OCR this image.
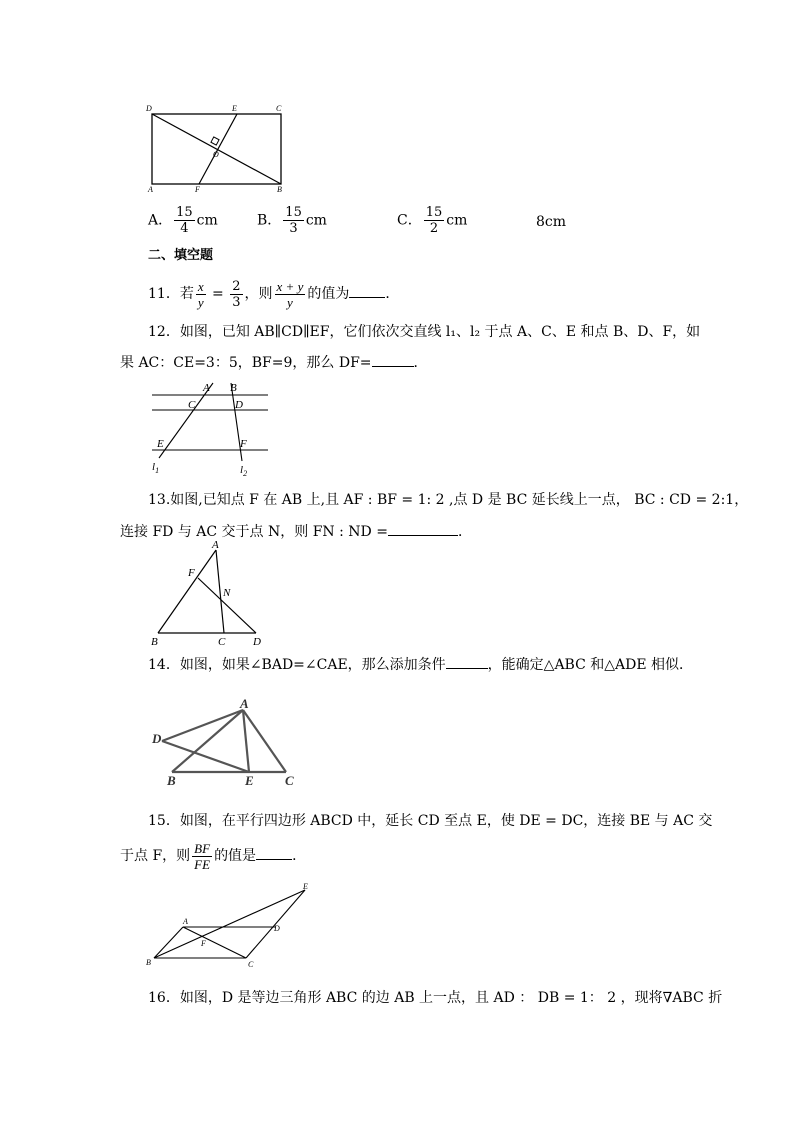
D	E	C
A	F	B
O
A． $\frac{15}{4}$ cm	B． $\frac{15}{3}$ cm	C． $\frac{15}{2}$ cm	8cm
二、填空题
11．若 $\frac{x}{y} = \frac{2}{3}$ ，则 $\frac{x + y}{y}$ 的值为	．
12．如图，已知 AB∥CD∥EF，它们依次交直线 l₁、l₂ 于点 A、C、E 和点 B、D、F，如
果 AC：CE=3：5，BF=9，那么 DF=	．
A B
C	D
E	F
$l_1$	$l_2$
13.如图,已知点 F 在 AB 上,且 AF : BF = 1: 2 ,点 D 是 BC 延长线上一点， BC : CD = 2:1，
连接 FD 与 AC 交于点 N，则 FN : ND =	．
A
F
N
B	C	D
14．如图，如果∠BAD=∠CAE，那么添加条件	，能确定△ABC 和△ADE 相似．
A
D
B	E C
15．如图，在平行四边形 ABCD 中，延长 CD 至点 E，使 DE = DC，连接 BE 与 AC 交
于点 F，则 $\frac{BF}{FE}$ 的值是	．
E
A
D
F
B	C
16．如图，D 是等边三角形 ABC 的边 AB 上一点，且 AD ： DB = 1： 2 ，现将∇ABC 折
